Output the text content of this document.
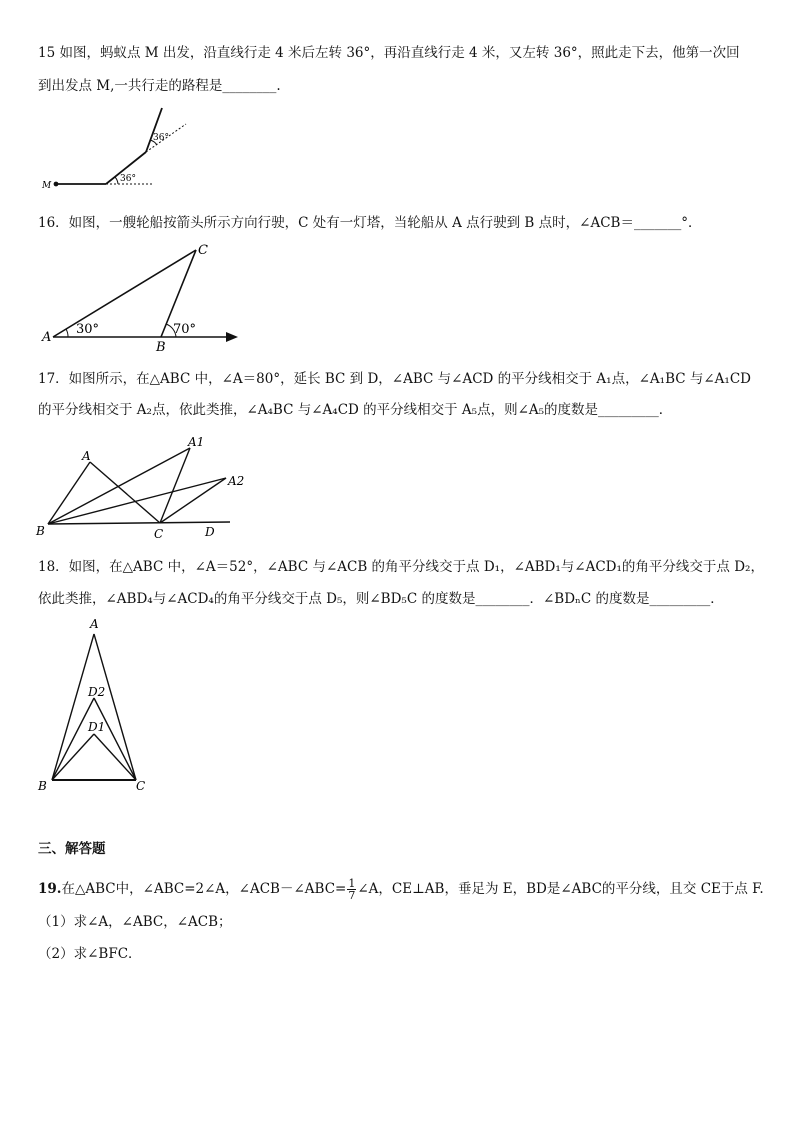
15 如图，蚂蚁点 M 出发，沿直线行走 4 米后左转 36°，再沿直线行走 4 米，又左转 36°，照此走下去，他第一次回
到出发点 M,一共行走的路程是________.
M
36°
36°
16．如图，一艘轮船按箭头所示方向行驶，C 处有一灯塔，当轮船从 A 点行驶到 B 点时，∠ACB＝_______°．
A
B
C
30°	70°
17．如图所示，在△ABC 中，∠A＝80°，延长 BC 到 D，∠ABC 与∠ACD 的平分线相交于 A₁点，∠A₁BC 与∠A₁CD
的平分线相交于 A₂点，依此类推，∠A₄BC 与∠A₄CD 的平分线相交于 A₅点，则∠A₅的度数是_________．
A
A1
A2
B	C	D
18．如图，在△ABC 中，∠A＝52°，∠ABC 与∠ACB 的角平分线交于点 D₁，∠ABD₁与∠ACD₁的角平分线交于点 D₂，
依此类推，∠ABD₄与∠ACD₄的角平分线交于点 D₅，则∠BD₅C 的度数是________．∠BDₙC 的度数是_________．
A
D2
D1
B	C
三、解答题
19.在△ABC中，∠ABC=2∠A，∠ACB－∠ABC= $\frac{1}{7}$ ∠A，CE⊥AB，垂足为 E，BD是∠ABC的平分线，且交 CE于点 F.
（1）求∠A，∠ABC，∠ACB；
（2）求∠BFC．
